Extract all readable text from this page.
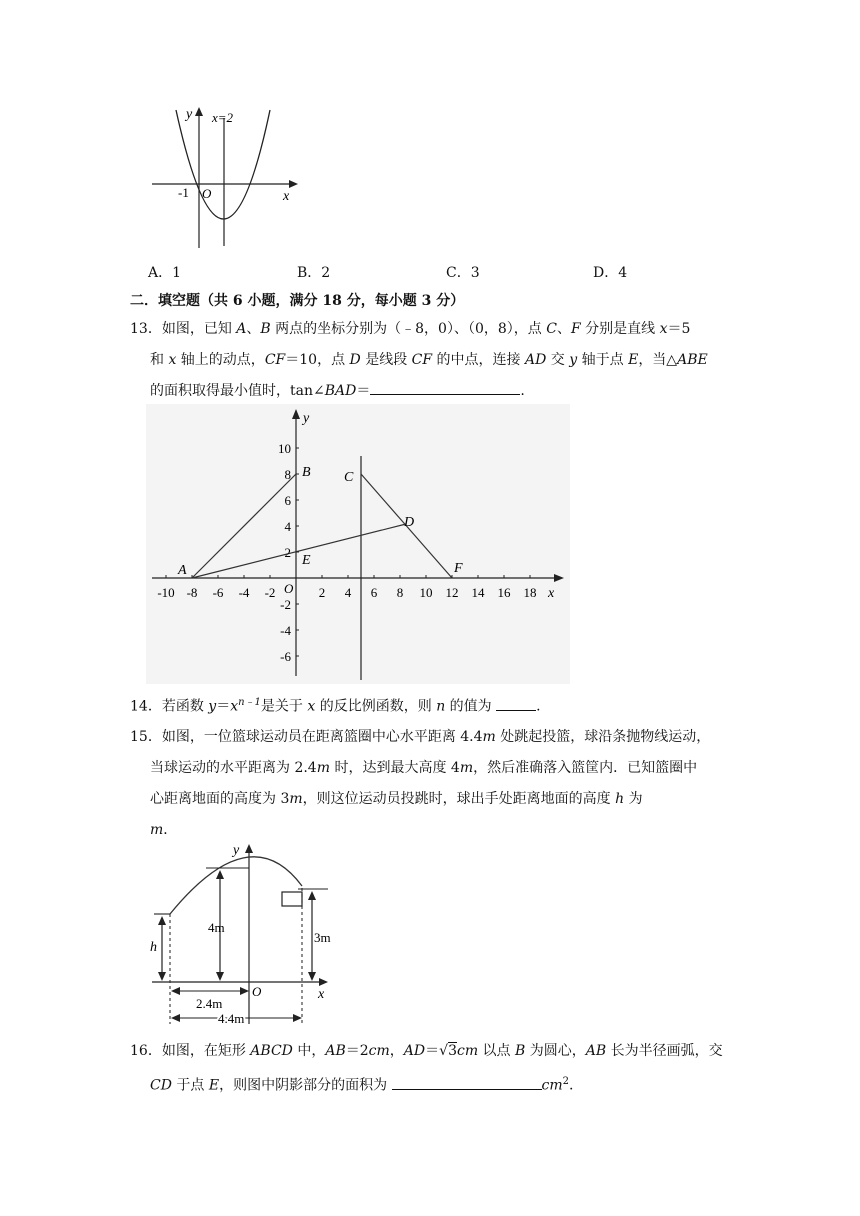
y
x
x=2
-1 O
A．1	B．2	C．3	D．4
二．填空题（共 6 小题，满分 18 分，每小题 3 分）
13．如图，已知 A、B 两点的坐标分别为（﹣8，0）、（0，8），点 C、F 分别是直线 x＝5
和 x 轴上的动点，CF＝10，点 D 是线段 CF 的中点，连接 AD 交 y 轴于点 E，当△ABE
的面积取得最小值时，tan∠BAD＝	.
-10 -8 -6 -4 -2	2 4 6 8 10 12 14 16 18
10
8
6
4
2
-2
-4
-6
A
B C
D
E
F
O	x
y
14．若函数 $y=x^{n﹣1}$是关于 x 的反比例函数，则 n 的值为	.
15．如图，一位篮球运动员在距离篮圈中心水平距离 4.4m 处跳起投篮，球沿条抛物线运动，
当球运动的水平距离为 2.4m 时，达到最大高度 4m，然后准确落入篮筐内．已知篮圈中
心距离地面的高度为 3m，则这位运动员投跳时，球出手处距离地面的高度 h 为
m．
y
x
O
h
4m
3m
2.4m
4.4m
16．如图，在矩形 ABCD 中，AB＝2cm，AD＝√3cm 以点 B 为圆心，AB 长为半径画弧，交
CD 于点 E，则图中阴影部分的面积为	$cm^2$.
